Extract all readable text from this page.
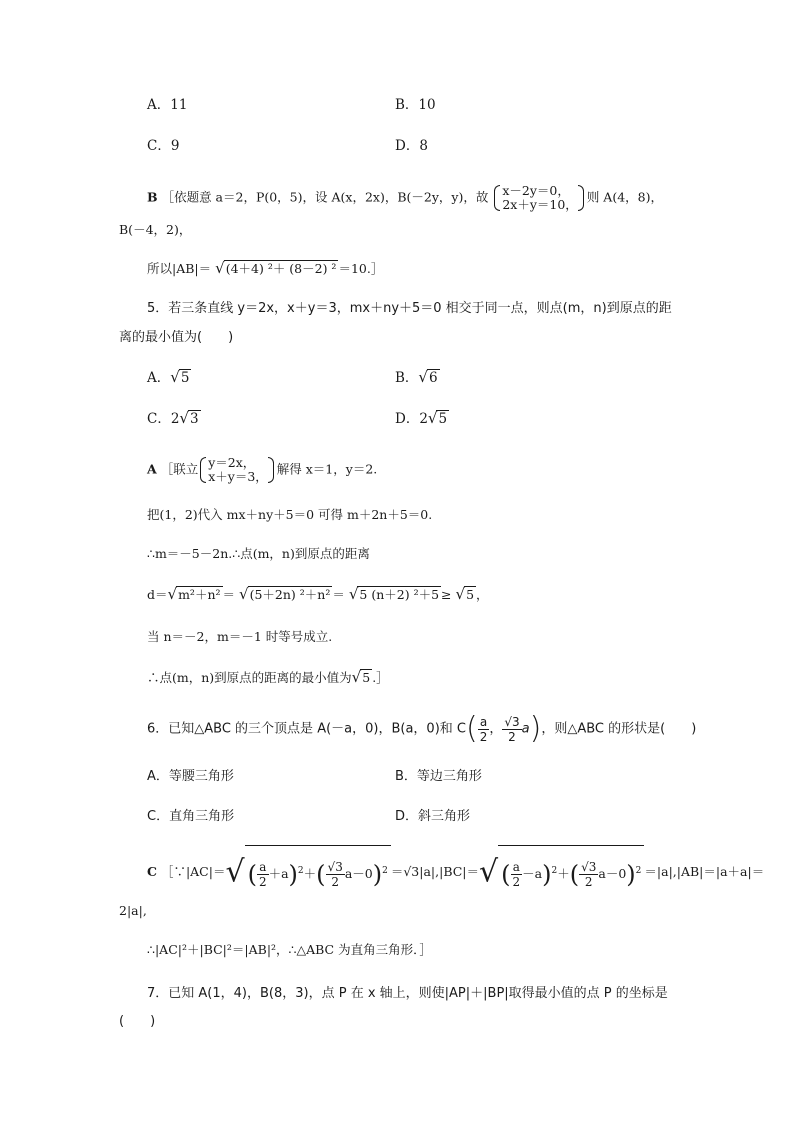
A．11	B．10
C．9	D．8
B ［依题意 a＝2，P(0，5)，设 A(x，2x)，B(－2y，y)，故 x－2y＝0，
2x＋y＝10， 则 A(4，8)，
B(－4，2)，
所以|AB|＝ √(4＋4) ²＋ (8－2) ² ＝10.］
5．若三条直线 y＝2x，x＋y＝3，mx＋ny＋5＝0 相交于同一点，则点(m，n)到原点的距
离的最小值为(　　)
A．√5	B．√6
C．2√3	D．2√5
A ［联立 y＝2x，
x＋y＝3， 解得 x＝1，y＝2.
把(1，2)代入 mx＋ny＋5＝0 可得 m＋2n＋5＝0.
∴m＝－5－2n.∴点(m，n)到原点的距离
d＝√m²＋n² ＝ √(5＋2n) ²＋n² ＝ √5 (n＋2) ²＋5 ≥ √5 ，
当 n＝－2，m＝－1 时等号成立.
∴点(m，n)到原点的距离的最小值为√5 .］
6．已知△ABC 的三个顶点是 A(－a，0)，B(a，0)和 $C( \frac{a}{2}$ ， $\frac{√3}{2} a$)，则△ABC 的形状是(　　)
A．等腰三角形	B．等边三角形
C．直角三角形	D．斜三角形
C ［∵|AC|＝√ ( $\frac{a}{2} +a)^2+( \frac{√3}{2} a-0)^2 =√3|a|,|BC|=√$ ( $\frac{a}{2} -a)^2+( \frac{√3}{2} a-0)^2 =|a|,|AB|=|a+a|=$
2|a|,
∴|AC|²＋|BC|²＝|AB|²，∴△ABC 为直角三角形．］
7．已知 A(1，4)，B(8，3)，点 P 在 x 轴上，则使|AP|＋|BP|取得最小值的点 P 的坐标是
(　　)
